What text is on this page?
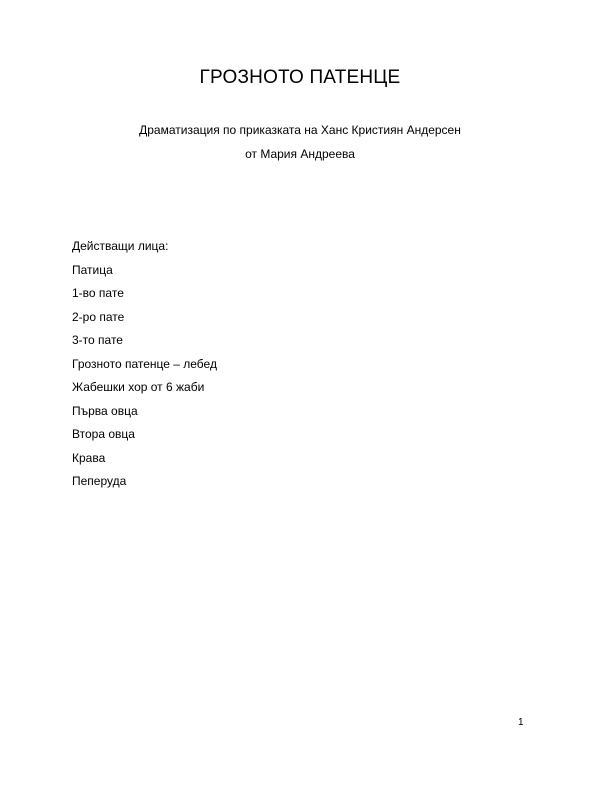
ГРОЗНОТО ПАТЕНЦЕ
Драматизация по приказката на Ханс Кристиян Андерсен
от Мария Андреева
Действащи лица:
Патица
1-во пате
2-ро пате
3-то пате
Грозното патенце – лебед
Жабешки хор от 6 жаби
Първа овца
Втора овца
Крава
Пеперуда
1
